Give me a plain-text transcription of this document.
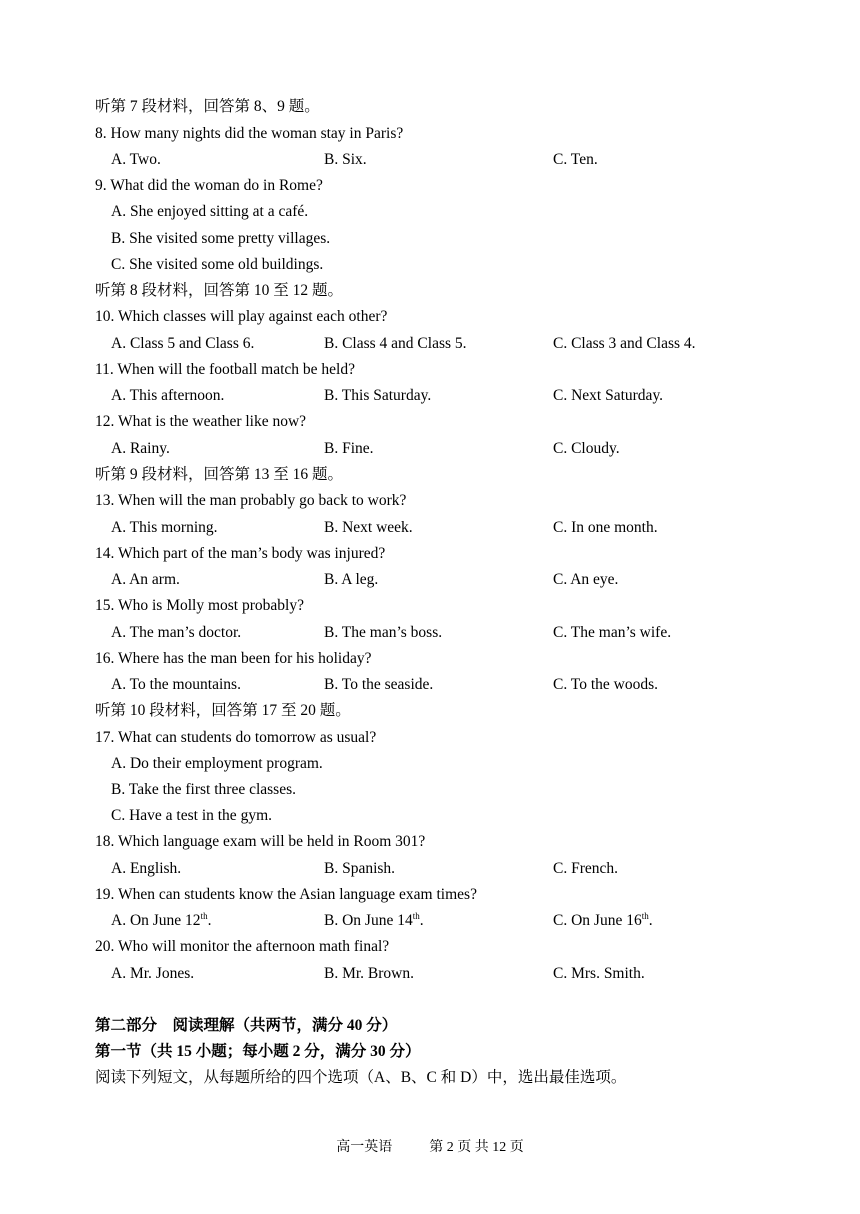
A. On June 12th.	B. On June 14th.	C. On June 16th.
第二部分　阅读理解（共两节，满分 40 分）
第一节（共 15 小题；每小题 2 分，满分 30 分）
阅读下列短文，从每题所给的四个选项（A、B、C 和 D）中，选出最佳选项。
高一英语	第 2 页 共 12 页
听第 7 段材料，回答第 8、9 题。
8. How many nights did the woman stay in Paris?
A. Two.	B. Six.	C. Ten.
9. What did the woman do in Rome?
A. She enjoyed sitting at a café.
B. She visited some pretty villages.
C. She visited some old buildings.
听第 8 段材料，回答第 10 至 12 题。
10. Which classes will play against each other?
A. Class 5 and Class 6.	B. Class 4 and Class 5.	C. Class 3 and Class 4.
11. When will the football match be held?
A. This afternoon.	B. This Saturday.	C. Next Saturday.
12. What is the weather like now?
A. Rainy.	B. Fine.	C. Cloudy.
听第 9 段材料，回答第 13 至 16 题。
13. When will the man probably go back to work?
A. This morning.	B. Next week.	C. In one month.
14. Which part of the man’s body was injured?
A. An arm.	B. A leg.	C. An eye.
15. Who is Molly most probably?
A. The man’s doctor.	B. The man’s boss.	C. The man’s wife.
16. Where has the man been for his holiday?
A. To the mountains.	B. To the seaside.	C. To the woods.
听第 10 段材料，回答第 17 至 20 题。
17. What can students do tomorrow as usual?
A. Do their employment program.
B. Take the first three classes.
C. Have a test in the gym.
18. Which language exam will be held in Room 301?
A. English.	B. Spanish.	C. French.
19. When can students know the Asian language exam times?
20. Who will monitor the afternoon math final?
A. Mr. Jones.	B. Mr. Brown.	C. Mrs. Smith.
